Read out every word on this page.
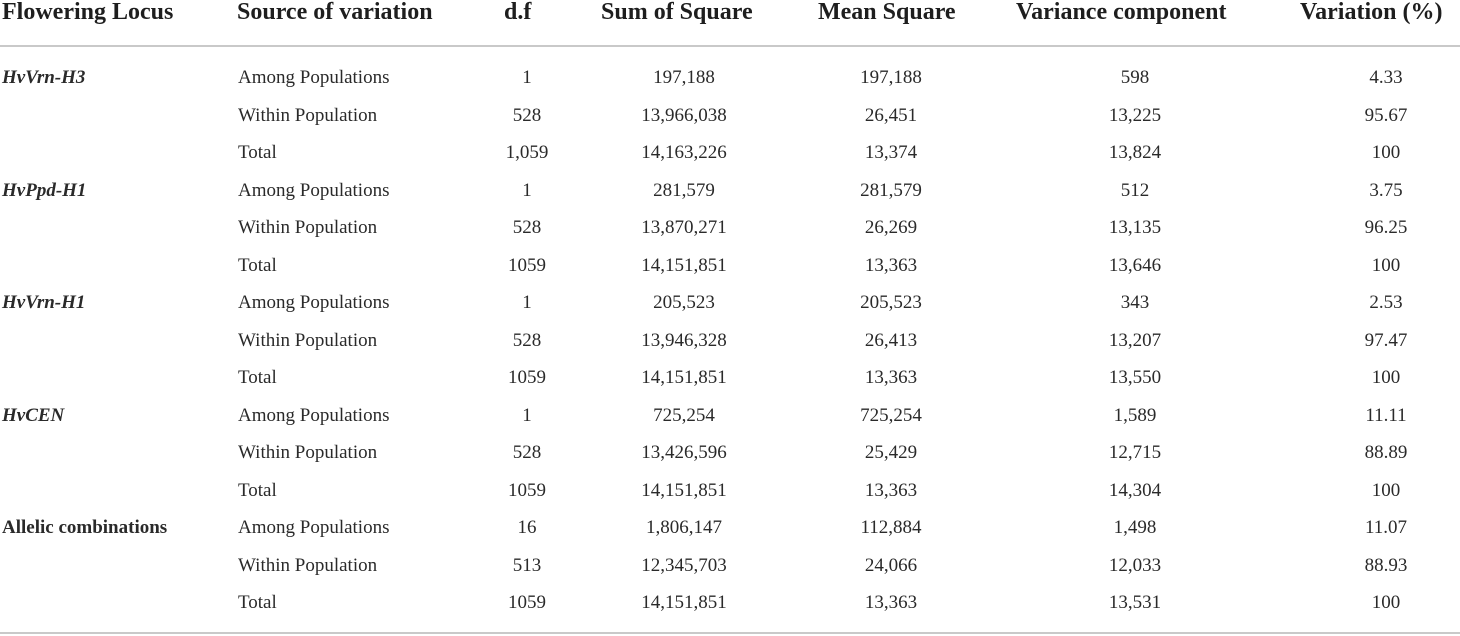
Flowering Locus	Source of variation	d.f	Sum of Square	Mean Square	Variance component	Variation (%)
HvVrn-H3	Among Populations	1	197,188	197,188	598	4.33
Within Population	528	13,966,038	26,451	13,225	95.67
Total	1,059	14,163,226	13,374	13,824	100
HvPpd-H1	Among Populations	1	281,579	281,579	512	3.75
Within Population	528	13,870,271	26,269	13,135	96.25
Total	1059	14,151,851	13,363	13,646	100
HvVrn-H1	Among Populations	1	205,523	205,523	343	2.53
Within Population	528	13,946,328	26,413	13,207	97.47
Total	1059	14,151,851	13,363	13,550	100
HvCEN	Among Populations	1	725,254	725,254	1,589	11.11
Within Population	528	13,426,596	25,429	12,715	88.89
Total	1059	14,151,851	13,363	14,304	100
Allelic combinations	Among Populations	16	1,806,147	112,884	1,498	11.07
Within Population	513	12,345,703	24,066	12,033	88.93
Total	1059	14,151,851	13,363	13,531	100
